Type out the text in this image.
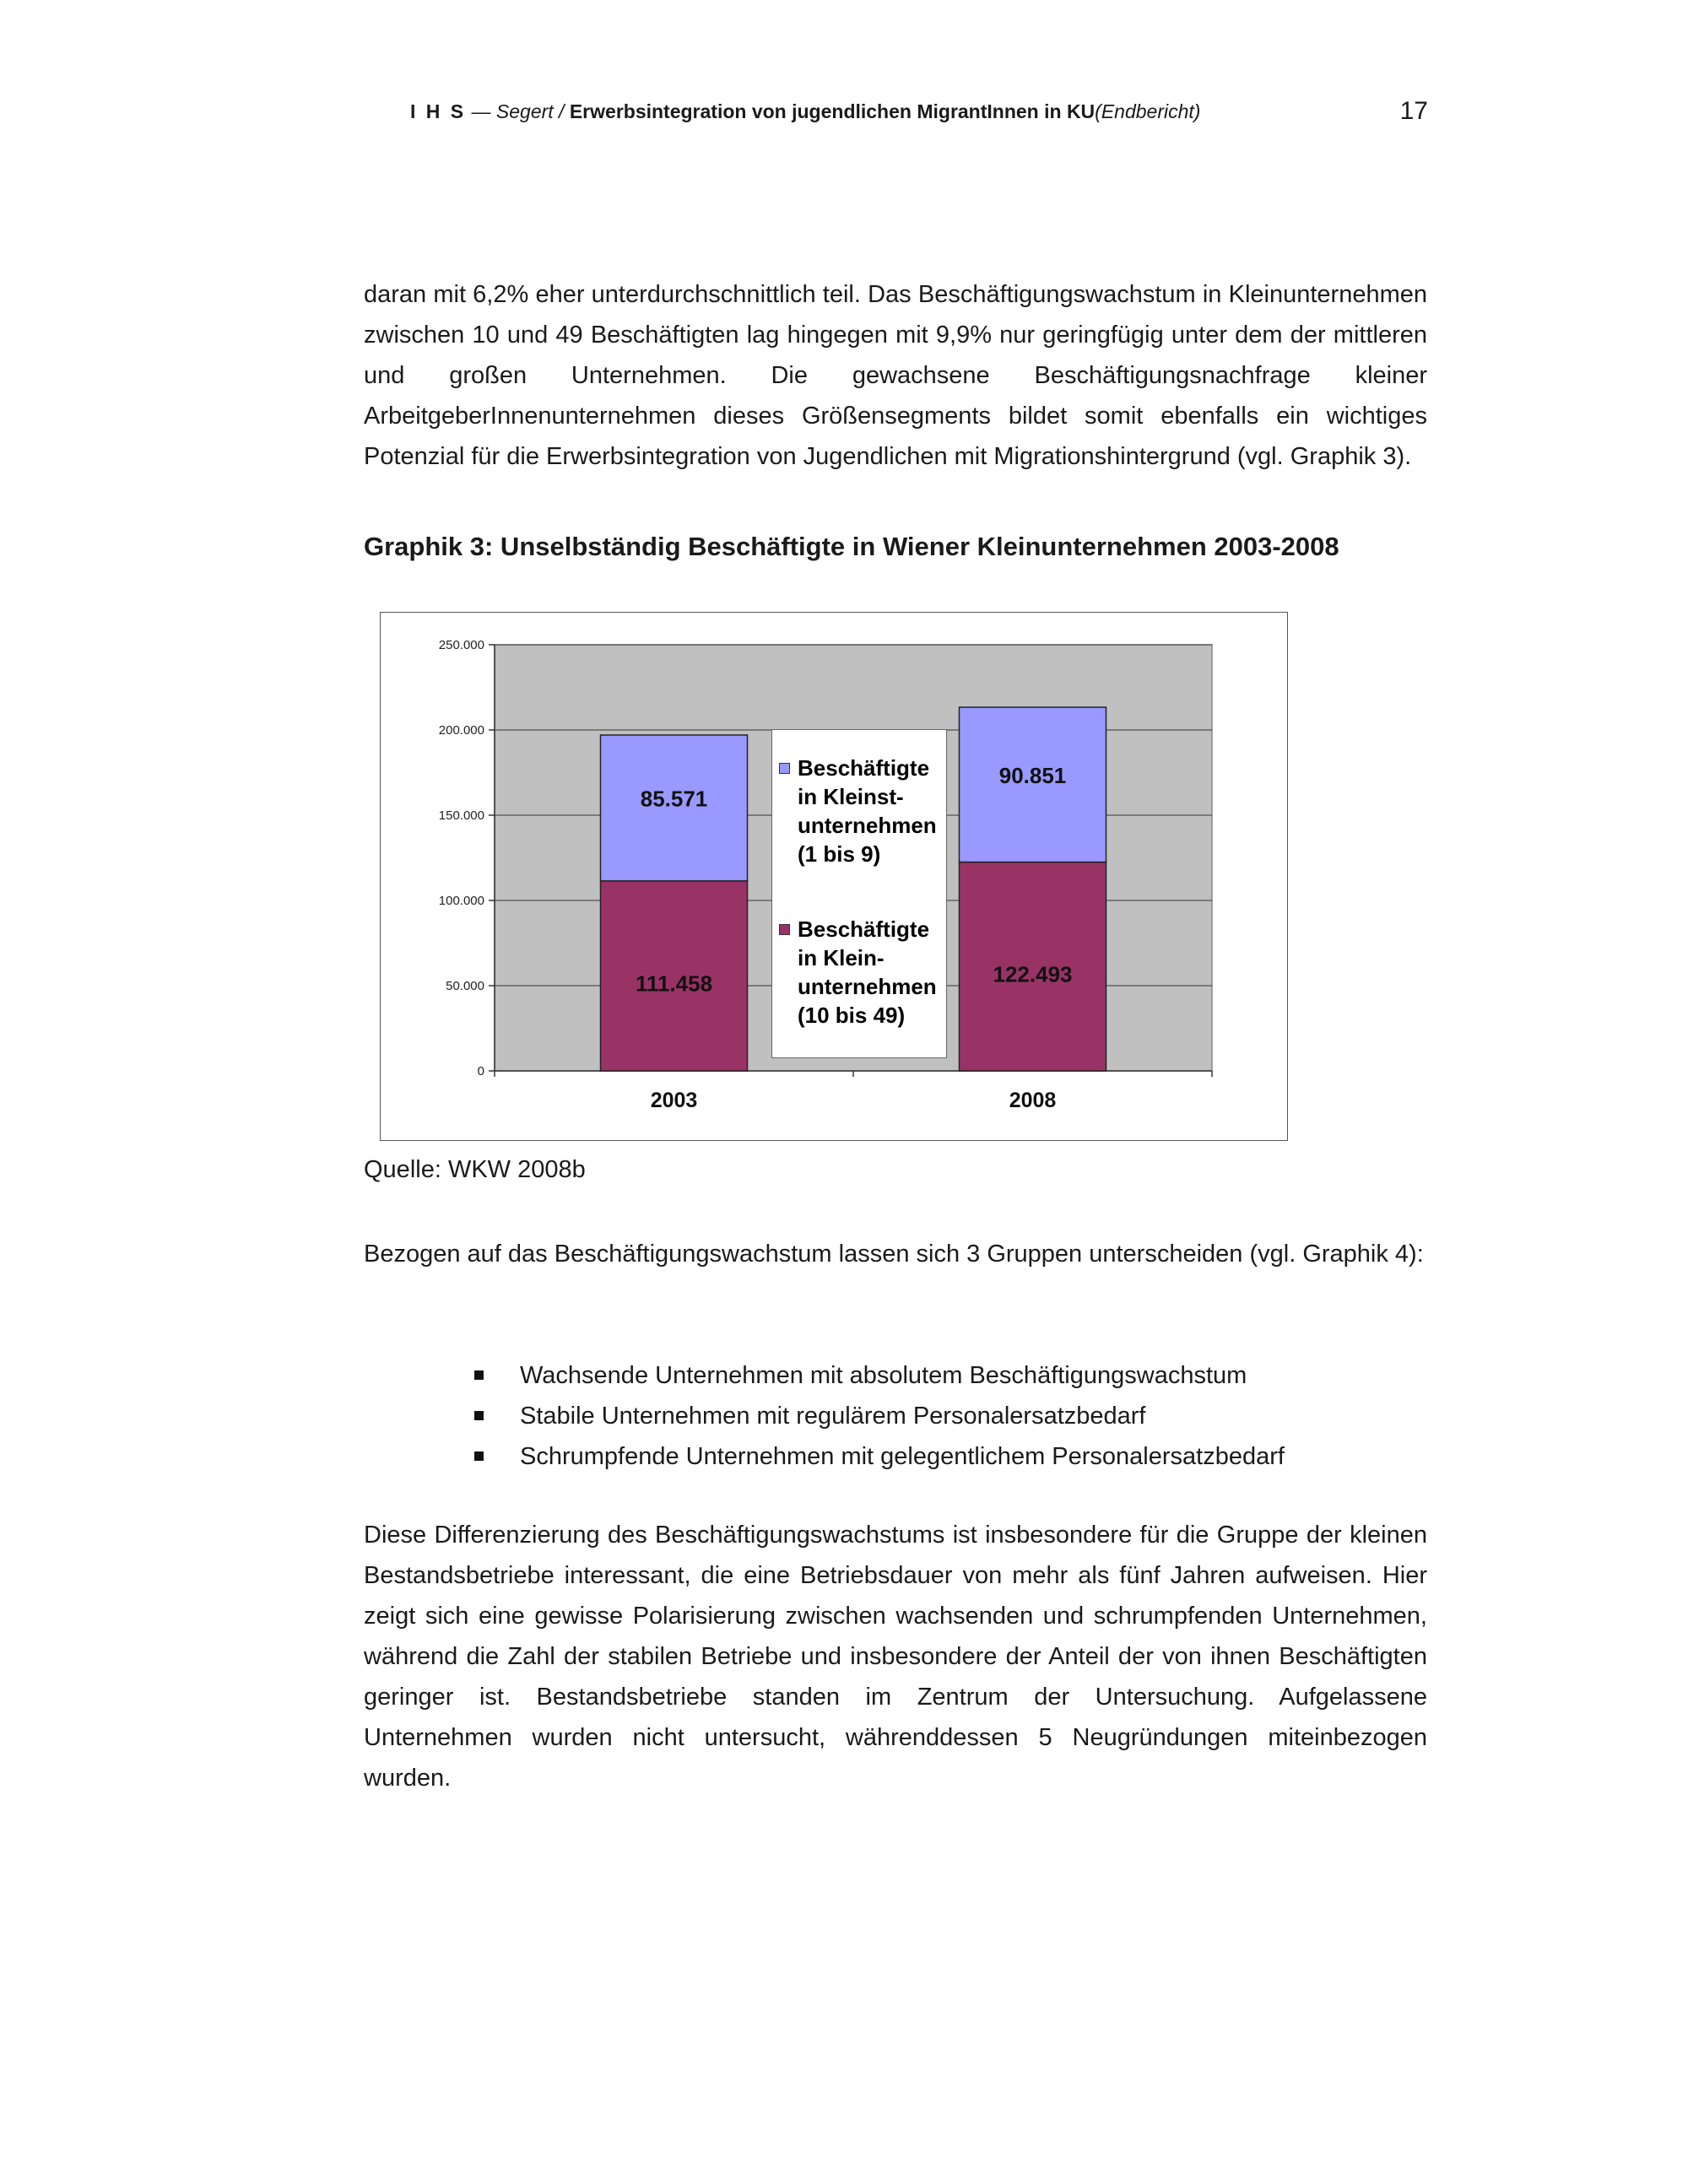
I H S — Segert / Erwerbsintegration von jugendlichen MigrantInnen in KU(Endbericht)	17

daran mit 6,2% eher unterdurchschnittlich teil. Das Beschäftigungswachstum in Kleinunternehmen zwischen 10 und 49 Beschäftigten lag hingegen mit 9,9% nur geringfügig unter dem der mittleren und großen Unternehmen. Die gewachsene Beschäftigungsnachfrage kleiner ArbeitgeberInnenunternehmen dieses Größensegments bildet somit ebenfalls ein wichtiges Potenzial für die Erwerbsintegration von Jugendlichen mit Migrationshintergrund (vgl. Graphik 3).

Graphik 3: Unselbständig Beschäftigte in Wiener Kleinunternehmen 2003-2008

0
50.000
100.000
150.000
200.000
250.000
111.458
85.571
2003
122.493
90.851
2008
Beschäftigte
in Kleinst-
unternehmen
(1 bis 9)
Beschäftigte
in Klein-
unternehmen
(10 bis 49)

Quelle: WKW 2008b

Bezogen auf das Beschäftigungswachstum lassen sich 3 Gruppen unterscheiden (vgl. Graphik 4):

Wachsende Unternehmen mit absolutem Beschäftigungswachstum
Stabile Unternehmen mit regulärem Personalersatzbedarf
Schrumpfende Unternehmen mit gelegentlichem Personalersatzbedarf

Diese Differenzierung des Beschäftigungswachstums ist insbesondere für die Gruppe der kleinen Bestandsbetriebe interessant, die eine Betriebsdauer von mehr als fünf Jahren aufweisen. Hier zeigt sich eine gewisse Polarisierung zwischen wachsenden und schrumpfenden Unternehmen, während die Zahl der stabilen Betriebe und insbesondere der Anteil der von ihnen Beschäftigten geringer ist. Bestandsbetriebe standen im Zentrum der Untersuchung. Aufgelassene Unternehmen wurden nicht untersucht, währenddessen 5 Neugründungen miteinbezogen wurden.
